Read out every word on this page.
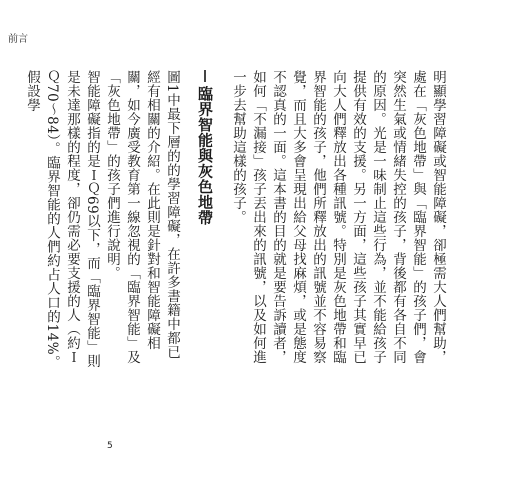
前言

明顯學習障礙或智能障礙，卻極需大人們幫助，處在「灰色地帶」與「臨界智能」的孩子們，會突然生氣或情緒失控的孩子，背後都有各自不同的原因。光是一味制止這些行為，並不能給孩子提供有效的支援。另一方面，這些孩子其實早已向大人們釋放出各種訊號。特別是灰色地帶和臨界智能的孩子，他們所釋放出的訊號並不容易察覺，而且大多會呈現出給父母找麻煩，或是態度不認真的一面。這本書的目的就是要告訴讀者，如何「不漏接」孩子丟出來的訊號，以及如何進一步去幫助這樣的孩子。

臨界智能與灰色地帶

圖1中最下層的的學習障礙，在許多書籍中都已經有相關的介紹。在此則是針對和智能障礙相關，如今廣受教育第一線忽視的「臨界智能」及「灰色地帶」的孩子們進行說明。

智能障礙指的是ＩＱ69以下，而「臨界智能」則是未達那樣的程度，卻仍需必要支援的人（約ＩＱ70～84）。臨界智能的人們約占人口的14%。假設學

5
